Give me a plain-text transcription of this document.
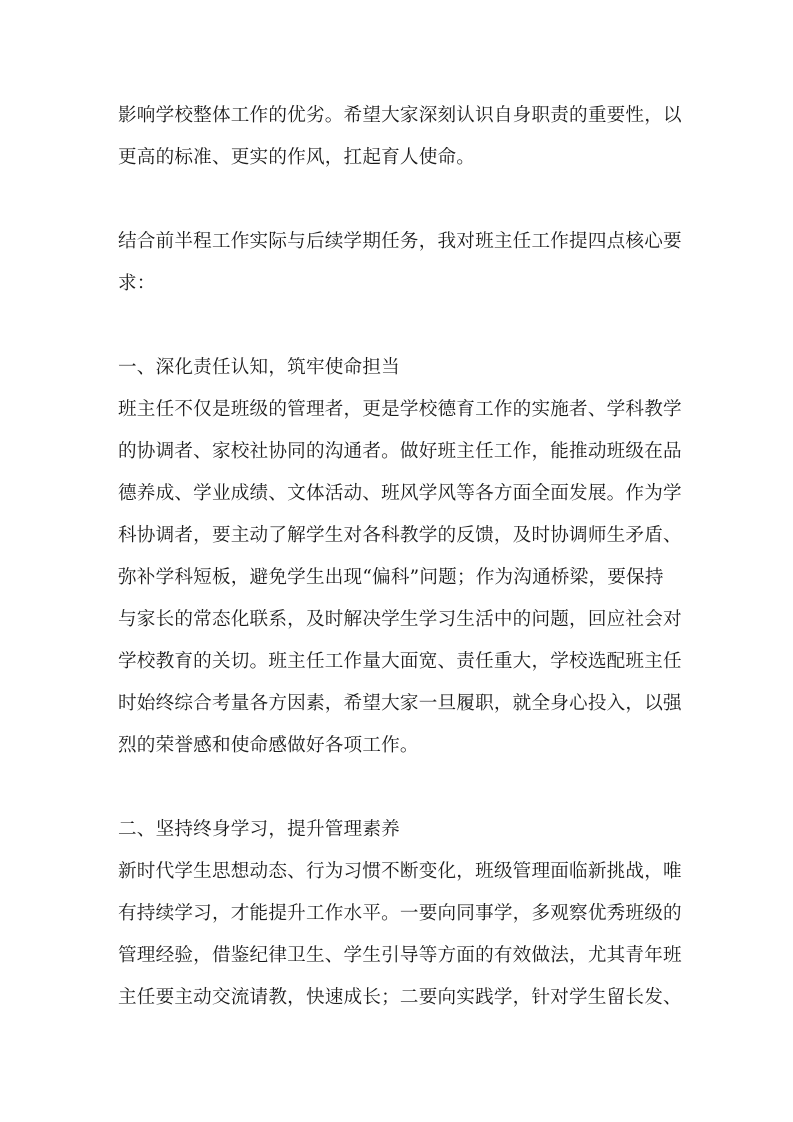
影响学校整体工作的优劣。希望大家深刻认识自身职责的重要性，以
更高的标准、更实的作风，扛起育人使命。
结合前半程工作实际与后续学期任务，我对班主任工作提四点核心要
求：
一、深化责任认知，筑牢使命担当
班主任不仅是班级的管理者，更是学校德育工作的实施者、学科教学
的协调者、家校社协同的沟通者。做好班主任工作，能推动班级在品
德养成、学业成绩、文体活动、班风学风等各方面全面发展。作为学
科协调者，要主动了解学生对各科教学的反馈，及时协调师生矛盾、
弥补学科短板，避免学生出现“偏科”问题；作为沟通桥梁，要保持
与家长的常态化联系，及时解决学生学习生活中的问题，回应社会对
学校教育的关切。班主任工作量大面宽、责任重大，学校选配班主任
时始终综合考量各方因素，希望大家一旦履职，就全身心投入，以强
烈的荣誉感和使命感做好各项工作。
二、坚持终身学习，提升管理素养
新时代学生思想动态、行为习惯不断变化，班级管理面临新挑战，唯
有持续学习，才能提升工作水平。一要向同事学，多观察优秀班级的
管理经验，借鉴纪律卫生、学生引导等方面的有效做法，尤其青年班
主任要主动交流请教，快速成长；二要向实践学，针对学生留长发、
